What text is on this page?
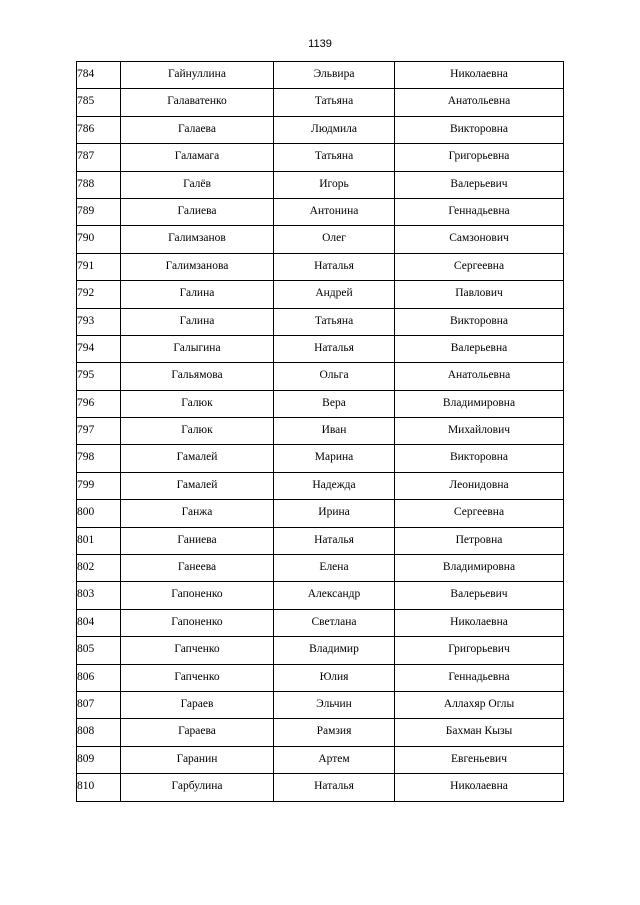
1139
784	Гайнуллина	Эльвира	Николаевна
785	Галаватенко	Татьяна	Анатольевна
786	Галаева	Людмила	Викторовна
787	Галамага	Татьяна	Григорьевна
788	Галёв	Игорь	Валерьевич
789	Галиева	Антонина	Геннадьевна
790	Галимзанов	Олег	Самзонович
791	Галимзанова	Наталья	Сергеевна
792	Галина	Андрей	Павлович
793	Галина	Татьяна	Викторовна
794	Галыгина	Наталья	Валерьевна
795	Гальямова	Ольга	Анатольевна
796	Галюк	Вера	Владимировна
797	Галюк	Иван	Михайлович
798	Гамалей	Марина	Викторовна
799	Гамалей	Надежда	Леонидовна
800	Ганжа	Ирина	Сергеевна
801	Ганиева	Наталья	Петровна
802	Ганеева	Елена	Владимировна
803	Гапоненко	Александр	Валерьевич
804	Гапоненко	Светлана	Николаевна
805	Гапченко	Владимир	Григорьевич
806	Гапченко	Юлия	Геннадьевна
807	Гараев	Эльчин	Аллахяр Оглы
808	Гараева	Рамзия	Бахман Кызы
809	Гаранин	Артем	Евгеньевич
810	Гарбулина	Наталья	Николаевна
